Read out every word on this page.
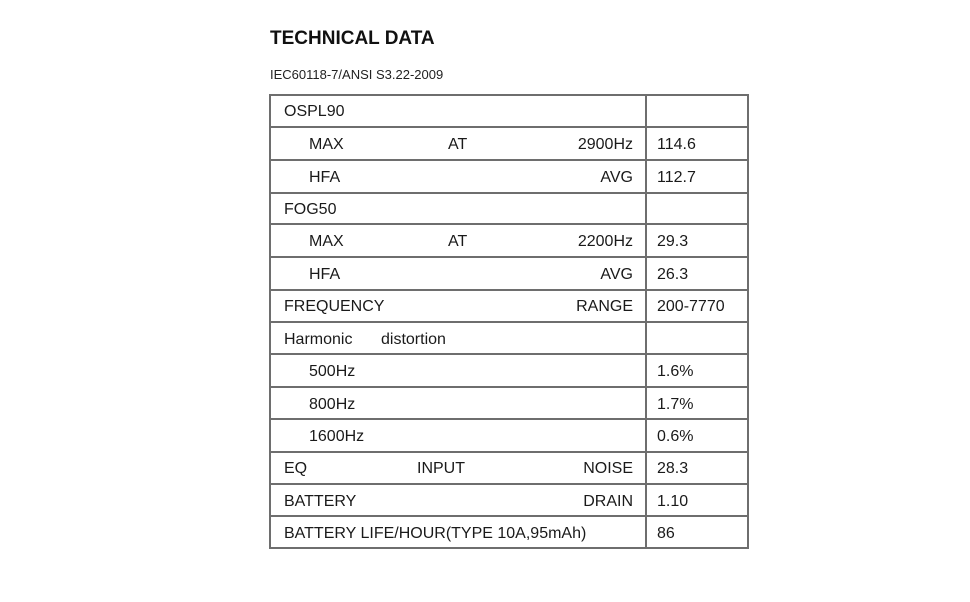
TECHNICAL DATA
IEC60118-7/ANSI S3.22-2009
OSPL90
MAX	AT	2900Hz 114.6
HFA	AVG 112.7
FOG50
MAX	AT	2200Hz 29.3
HFA	AVG 26.3
FREQUENCY	RANGE 200-7770
Harmonic distortion
500Hz	1.6%
800Hz	1.7%
1600Hz	0.6%
EQ	INPUT	NOISE 28.3
BATTERY	DRAIN 1.10
BATTERY LIFE/HOUR(TYPE 10A,95mAh)	86
